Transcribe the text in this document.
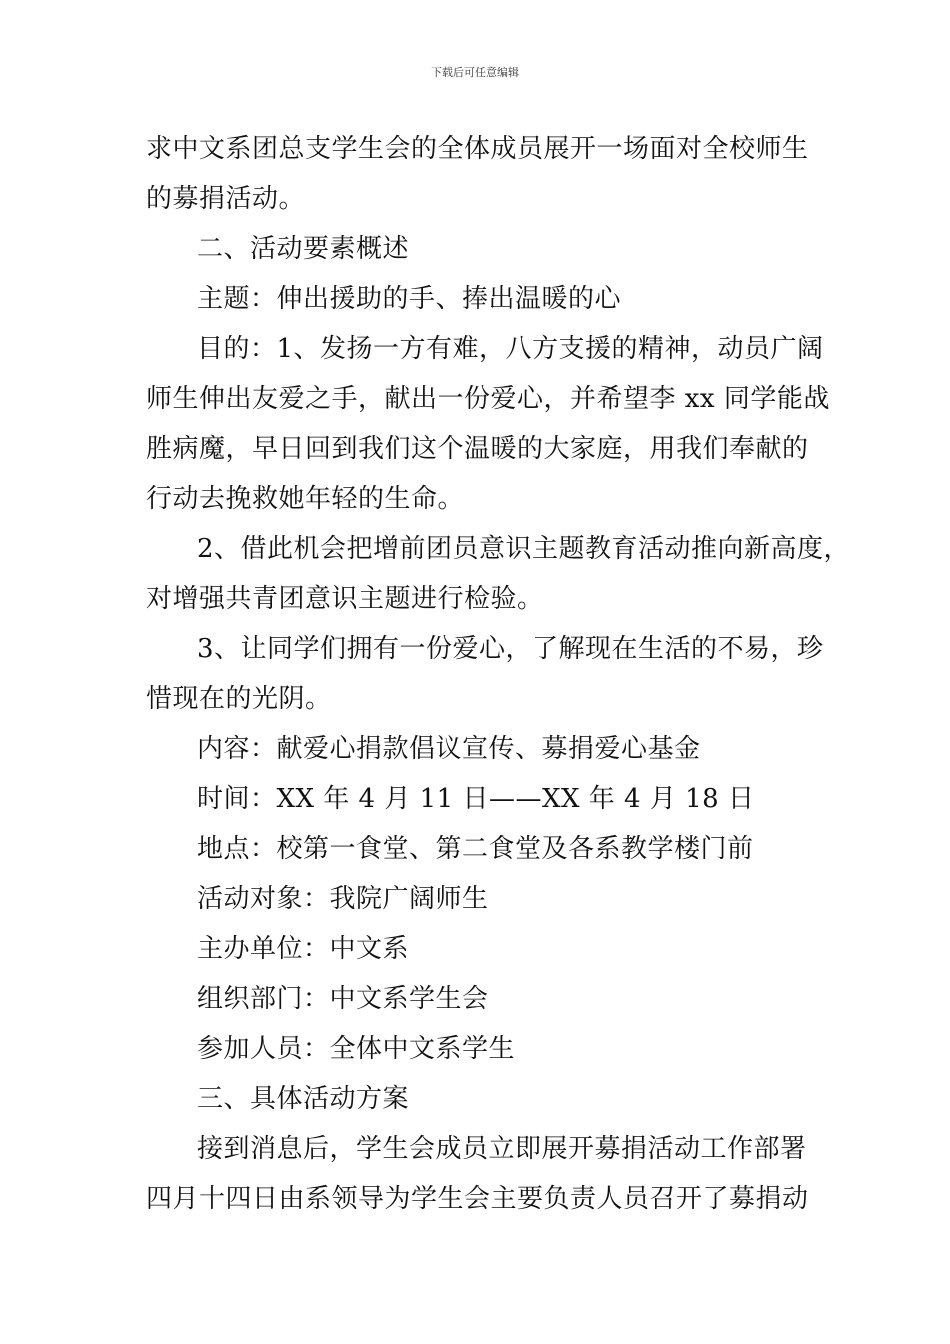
下载后可任意编辑

求中文系团总支学生会的全体成员展开一场面对全校师生

的募捐活动。

二、活动要素概述

主题：伸出援助的手、捧出温暖的心

目的：1、发扬一方有难，八方支援的精神，动员广阔

师生伸出友爱之手，献出一份爱心，并希望李 xx 同学能战

胜病魔，早日回到我们这个温暖的大家庭，用我们奉献的

行动去挽救她年轻的生命。

2、借此机会把增前团员意识主题教育活动推向新高度，

对增强共青团意识主题进行检验。

3、让同学们拥有一份爱心，了解现在生活的不易，珍

惜现在的光阴。

内容：献爱心捐款倡议宣传、募捐爱心基金

时间：XX 年 4 月 11 日——XX 年 4 月 18 日

地点：校第一食堂、第二食堂及各系教学楼门前

活动对象：我院广阔师生

主办单位：中文系

组织部门：中文系学生会

参加人员：全体中文系学生

三、具体活动方案

接到消息后，学生会成员立即展开募捐活动工作部署

四月十四日由系领导为学生会主要负责人员召开了募捐动
